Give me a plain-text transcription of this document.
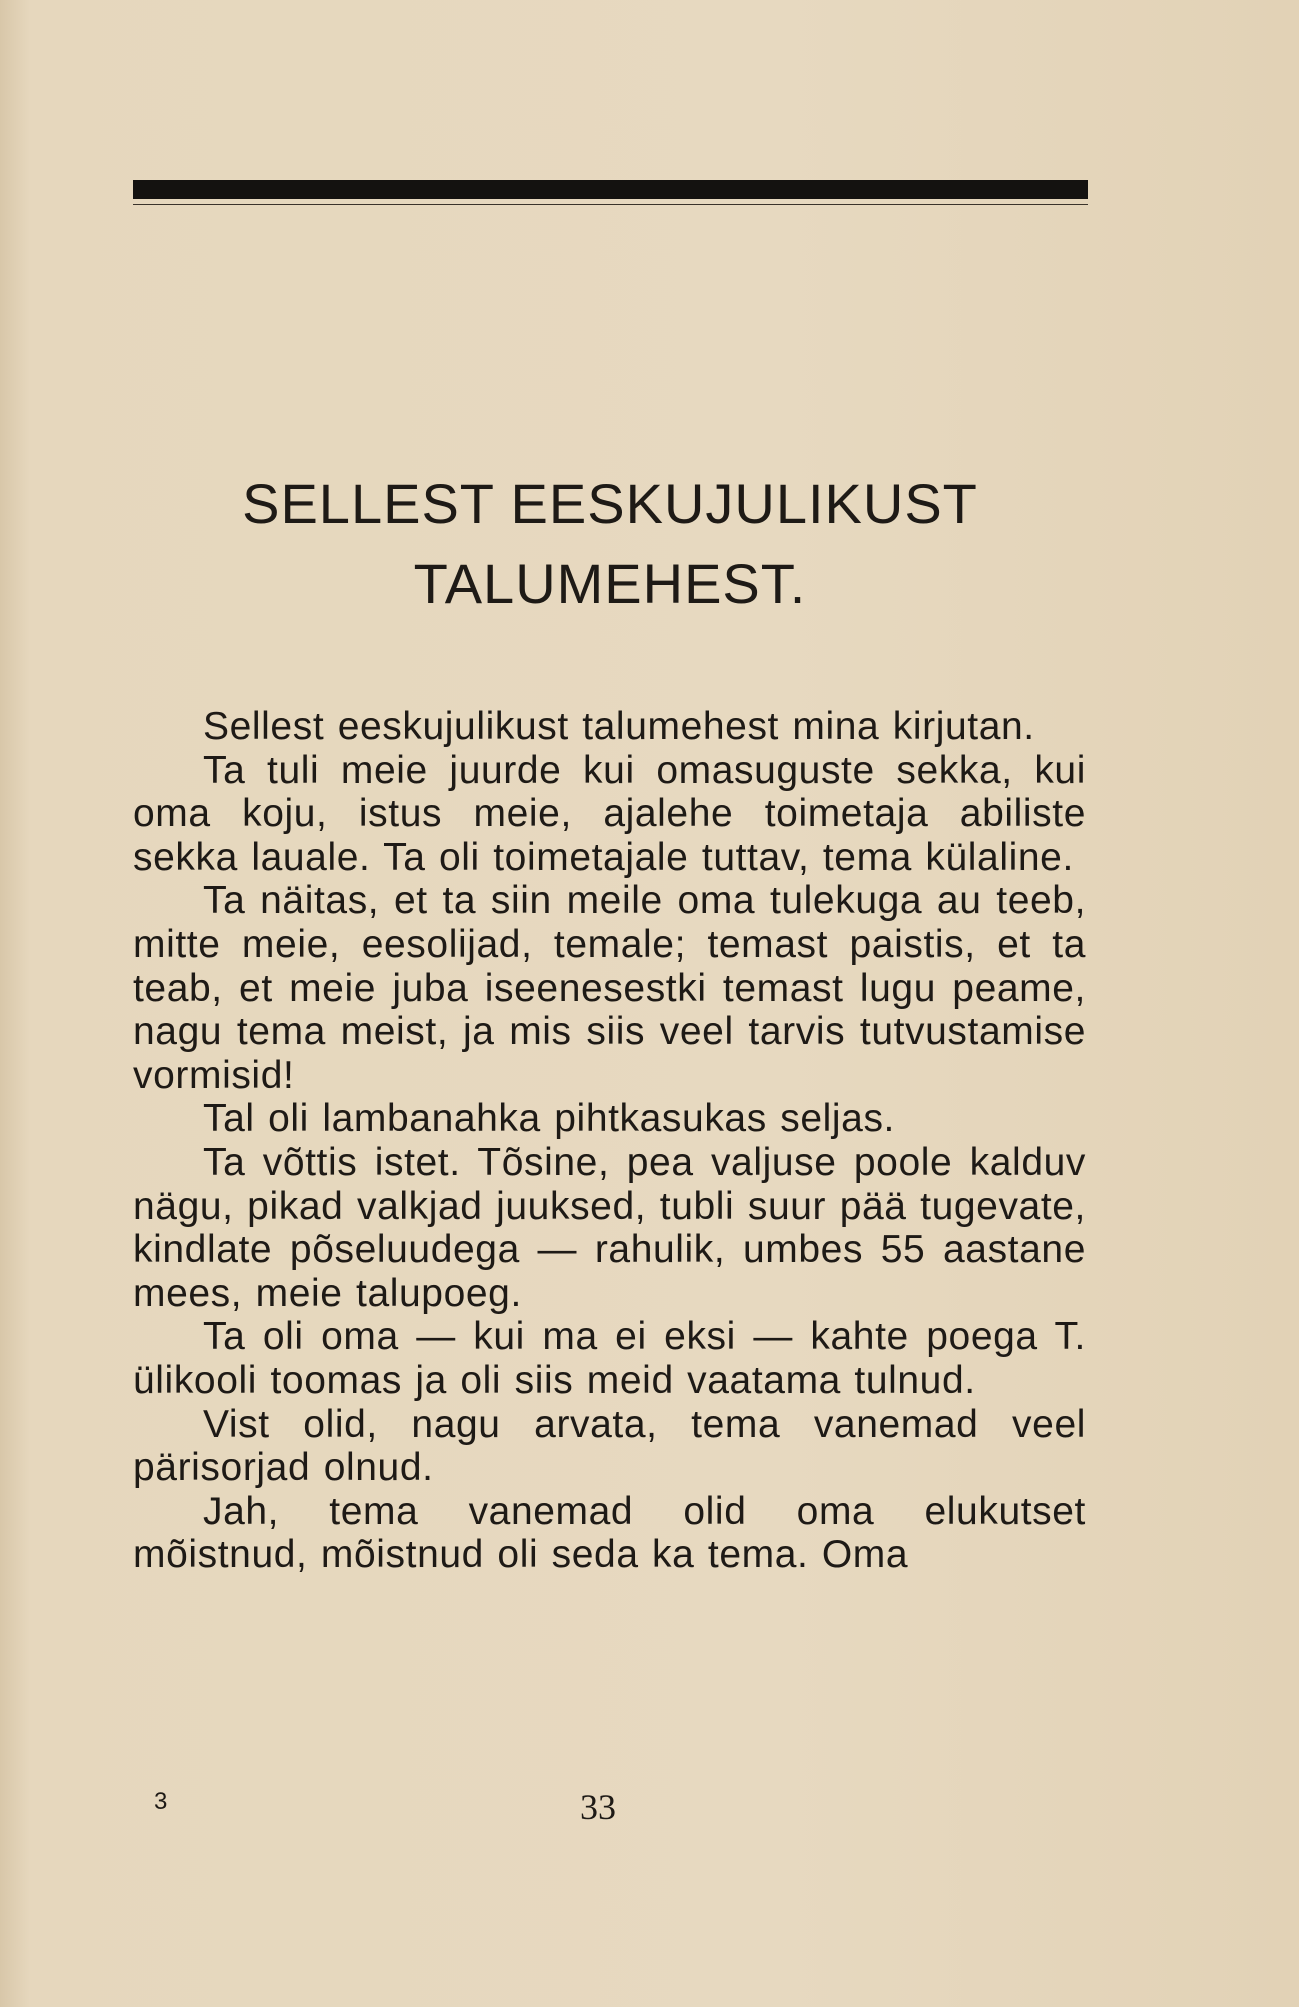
SELLEST EESKUJULIKUST
TALUMEHEST.

Sellest eeskujulikust talumehest mina kirjutan.

Ta tuli meie juurde kui omasuguste sekka, kui oma koju, istus meie, ajalehe toimetaja abiliste sekka lauale. Ta oli toimetajale tuttav, tema külaline.

Ta näitas, et ta siin meile oma tulekuga au teeb, mitte meie, eesolijad, temale; temast paistis, et ta teab, et meie juba iseenesestki temast lugu peame, nagu tema meist, ja mis siis veel tarvis tutvustamise vormisid!

Tal oli lambanahka pihtkasukas seljas.

Ta võttis istet. Tõsine, pea valjuse poole kalduv nägu, pikad valkjad juuksed, tubli suur pää tugevate, kindlate põseluudega — rahulik, umbes 55 aastane mees, meie talupoeg.

Ta oli oma — kui ma ei eksi — kahte poega T. ülikooli toomas ja oli siis meid vaatama tulnud.

Vist olid, nagu arvata, tema vanemad veel pärisorjad olnud.

Jah, tema vanemad olid oma elukutset mõistnud, mõistnud oli seda ka tema. Oma

3	33
